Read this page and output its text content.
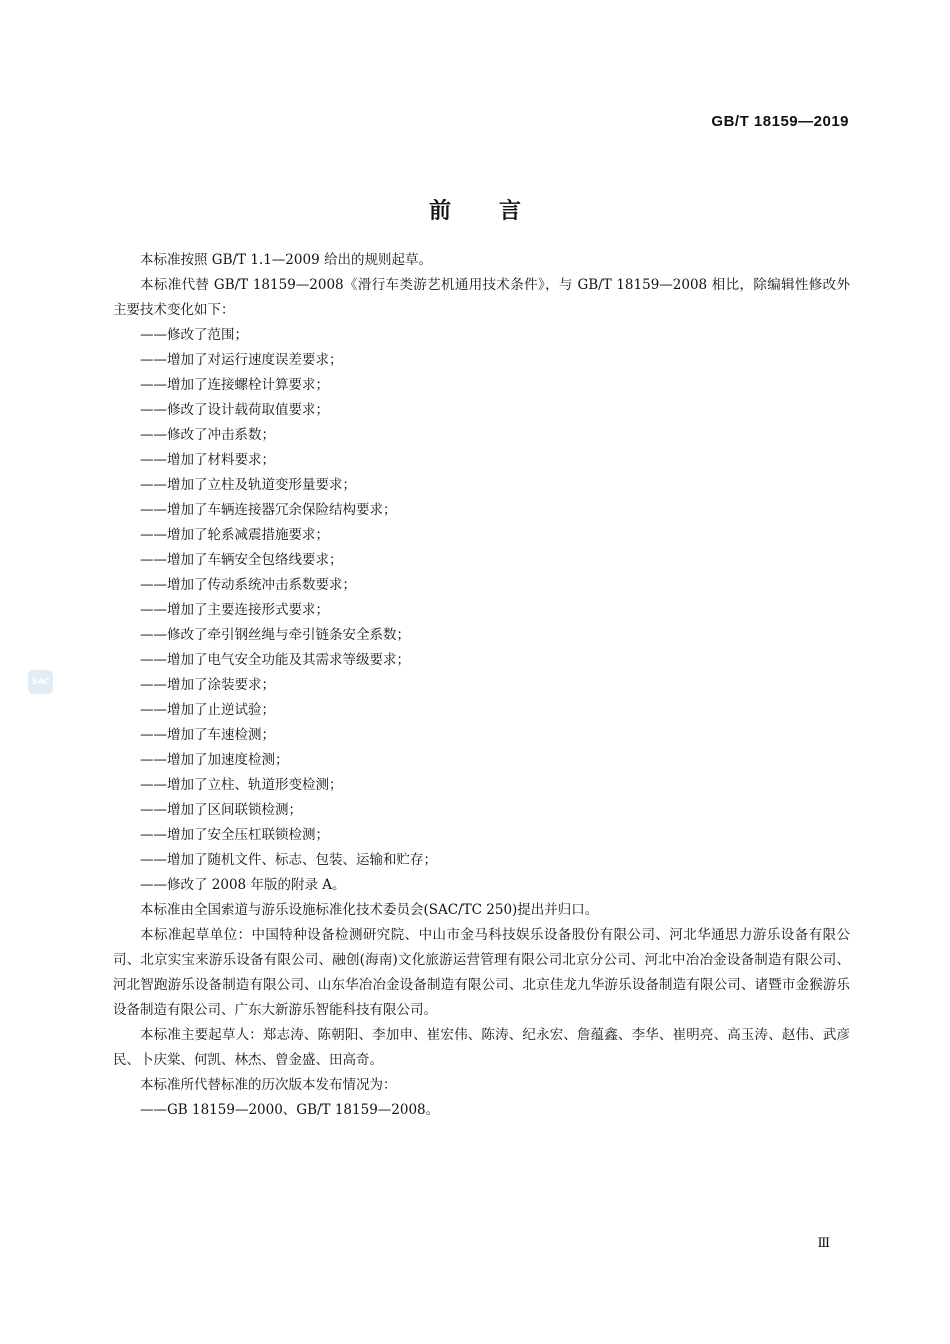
GB/T 18159—2019
前言

本标准按照 GB/T 1.1—2009 给出的规则起草。

本标准代替 GB/T 18159—2008《滑行车类游艺机通用技术条件》，与 GB/T 18159—2008 相比，除编辑性修改外主要技术变化如下：

——修改了范围；

——增加了对运行速度误差要求；

——增加了连接螺栓计算要求；

——修改了设计载荷取值要求；

——修改了冲击系数；

——增加了材料要求；

——增加了立柱及轨道变形量要求；

——增加了车辆连接器冗余保险结构要求；

——增加了轮系减震措施要求；

——增加了车辆安全包络线要求；

——增加了传动系统冲击系数要求；

——增加了主要连接形式要求；

——修改了牵引钢丝绳与牵引链条安全系数；

——增加了电气安全功能及其需求等级要求；

——增加了涂装要求；

——增加了止逆试验；

——增加了车速检测；

——增加了加速度检测；

——增加了立柱、轨道形变检测；

——增加了区间联锁检测；

——增加了安全压杠联锁检测；

——增加了随机文件、标志、包装、运输和贮存；

——修改了 2008 年版的附录 A。

本标准由全国索道与游乐设施标准化技术委员会(SAC/TC 250)提出并归口。

本标准起草单位：中国特种设备检测研究院、中山市金马科技娱乐设备股份有限公司、河北华通思力游乐设备有限公司、北京实宝来游乐设备有限公司、融创(海南)文化旅游运营管理有限公司北京分公司、河北中冶冶金设备制造有限公司、河北智跑游乐设备制造有限公司、山东华冶冶金设备制造有限公司、北京佳龙九华游乐设备制造有限公司、诸暨市金猴游乐设备制造有限公司、广东大新游乐智能科技有限公司。

本标准主要起草人：郑志涛、陈朝阳、李加申、崔宏伟、陈涛、纪永宏、詹蕴鑫、李华、崔明亮、高玉涛、赵伟、武彦民、卜庆棠、何凯、林杰、曾金盛、田高奇。

本标准所代替标准的历次版本发布情况为：

——GB 18159—2000、GB/T 18159—2008。

SAC
Ⅲ
